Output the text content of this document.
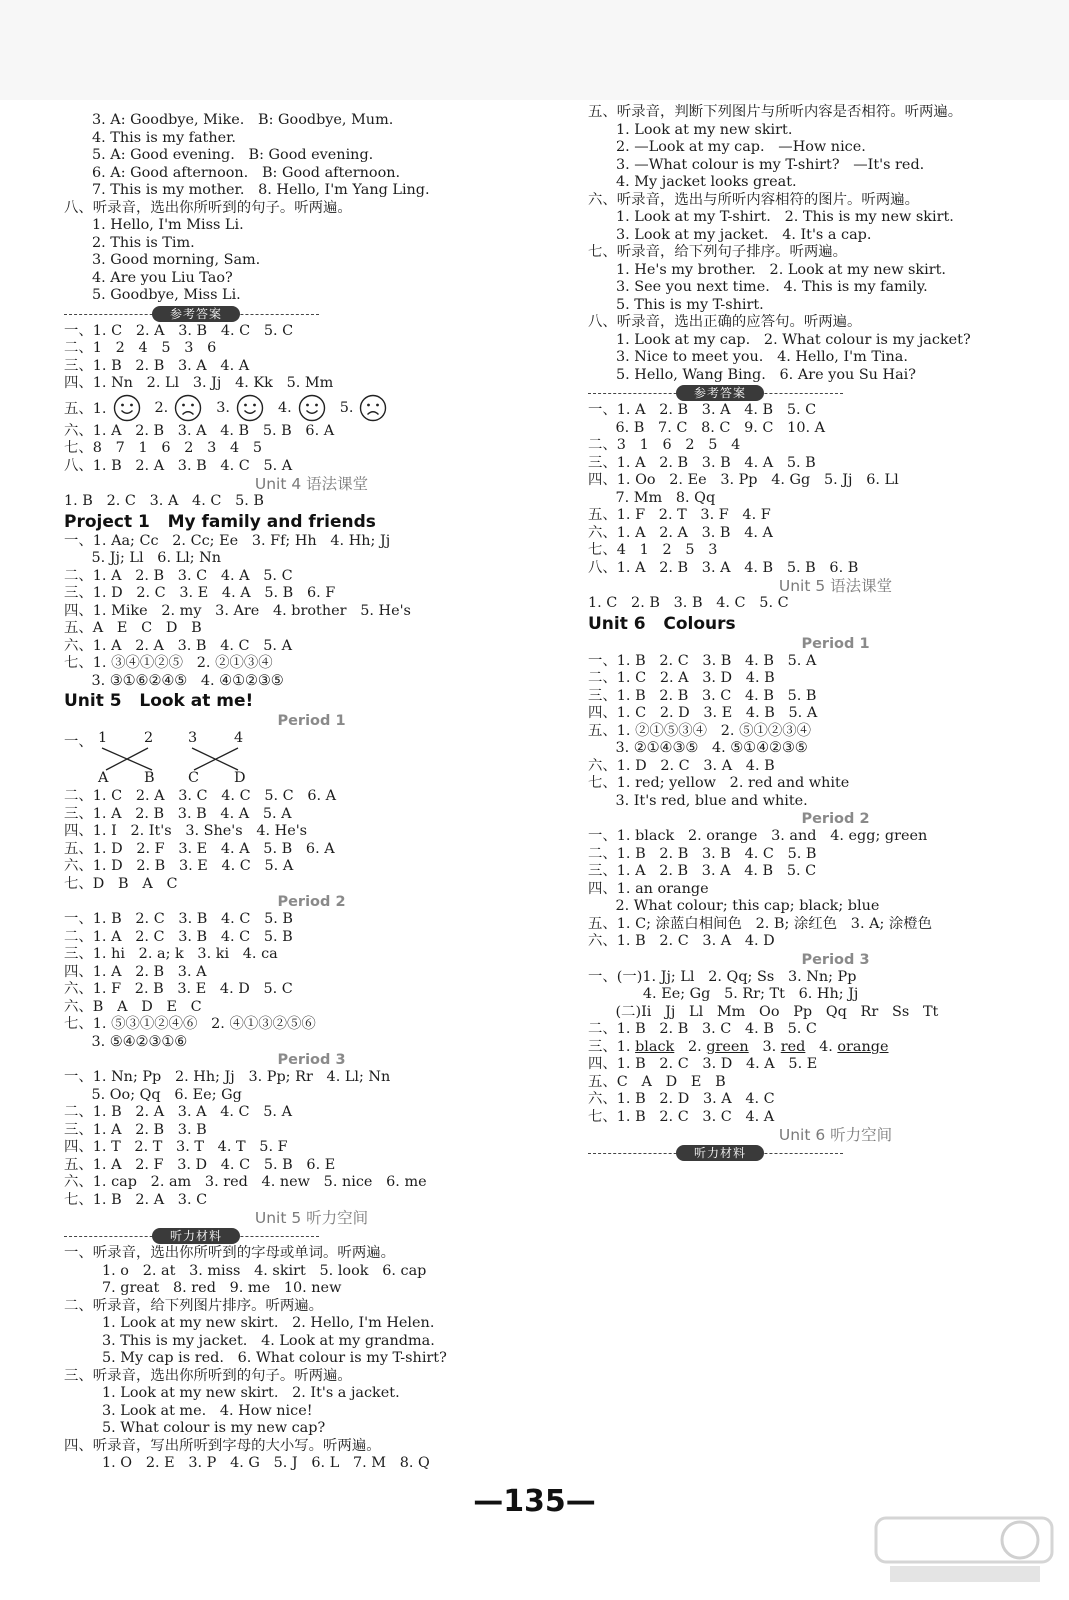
3. A: Goodbye, Mike.   B: Goodbye, Mum.
4. This is my father.
5. A: Good evening.   B: Good evening.
6. A: Good afternoon.   B: Good afternoon.
7. This is my mother.   8. Hello, I'm Yang Ling.
八、听录音，选出你所听到的句子。听两遍。
1. Hello, I'm Miss Li.
2. This is Tim.
3. Good morning, Sam.
4. Are you Liu Tao?
5. Goodbye, Miss Li.
参考答案
一、1. C   2. A   3. B   4. C   5. C
二、1   2   4   5   3   6
三、1. B   2. B   3. A   4. A
四、1. Nn   2. Ll   3. Jj   4. Kk   5. Mm
五、1.	2.	3.	4.	5.
六、1. A   2. B   3. A   4. B   5. B   6. A
七、8   7   1   6   2   3   4   5
八、1. B   2. A   3. B   4. C   5. A
Unit 4 语法课堂
1. B   2. C   3. A   4. C   5. B
Project 1   My family and friends
一、1. Aa; Cc   2. Cc; Ee   3. Ff; Hh   4. Hh; Jj
5. Jj; Ll   6. Ll; Nn
二、1. A   2. B   3. C   4. A   5. C
三、1. D   2. C   3. E   4. A   5. B   6. F
四、1. Mike   2. my   3. Are   4. brother   5. He's
五、A   E   C   D   B
六、1. A   2. A   3. B   4. C   5. A
七、1. ③④①②⑤   2. ②①③④
3. ③①⑥②④⑤   4. ④①②③⑤
Unit 5   Look at me!
Period 1
一、 1	2 3	4
A B C D
二、1. C   2. A   3. C   4. C   5. C   6. A
三、1. A   2. B   3. B   4. A   5. A
四、1. I   2. It's   3. She's   4. He's
五、1. D   2. F   3. E   4. A   5. B   6. A
六、1. D   2. B   3. E   4. C   5. A
七、D   B   A   C
Period 2
一、1. B   2. C   3. B   4. C   5. B
二、1. A   2. C   3. B   4. C   5. B
三、1. hi   2. a; k   3. ki   4. ca
四、1. A   2. B   3. A
六、1. F   2. B   3. E   4. D   5. C
六、B   A   D   E   C
七、1. ⑤③①②④⑥   2. ④①③②⑤⑥
3. ⑤④②③①⑥
Period 3
一、1. Nn; Pp   2. Hh; Jj   3. Pp; Rr   4. Ll; Nn
5. Oo; Qq   6. Ee; Gg
二、1. B   2. A   3. A   4. C   5. A
三、1. A   2. B   3. B
四、1. T   2. T   3. T   4. T   5. F
五、1. A   2. F   3. D   4. C   5. B   6. E
六、1. cap   2. am   3. red   4. new   5. nice   6. me
七、1. B   2. A   3. C
Unit 5 听力空间
听力材料
一、听录音，选出你所听到的字母或单词。听两遍。
1. o   2. at   3. miss   4. skirt   5. look   6. cap
7. great   8. red   9. me   10. new
二、听录音，给下列图片排序。听两遍。
1. Look at my new skirt.   2. Hello, I'm Helen.
3. This is my jacket.   4. Look at my grandma.
5. My cap is red.   6. What colour is my T-shirt?
三、听录音，选出你所听到的句子。听两遍。
1. Look at my new skirt.   2. It's a jacket.
3. Look at me.   4. How nice!
5. What colour is my new cap?
四、听录音，写出所听到字母的大小写。听两遍。
1. O   2. E   3. P   4. G   5. J   6. L   7. M   8. Q
五、听录音，判断下列图片与所听内容是否相符。听两遍。
1. Look at my new skirt.
2. —Look at my cap.   —How nice.
3. —What colour is my T-shirt?   —It's red.
4. My jacket looks great.
六、听录音，选出与所听内容相符的图片。听两遍。
1. Look at my T-shirt.   2. This is my new skirt.
3. Look at my jacket.   4. It's a cap.
七、听录音，给下列句子排序。听两遍。
1. He's my brother.   2. Look at my new skirt.
3. See you next time.   4. This is my family.
5. This is my T-shirt.
八、听录音，选出正确的应答句。听两遍。
1. Look at my cap.   2. What colour is my jacket?
3. Nice to meet you.   4. Hello, I'm Tina.
5. Hello, Wang Bing.   6. Are you Su Hai?
参考答案
一、1. A   2. B   3. A   4. B   5. C
6. B   7. C   8. C   9. C   10. A
二、3   1   6   2   5   4
三、1. A   2. B   3. B   4. A   5. B
四、1. Oo   2. Ee   3. Pp   4. Gg   5. Jj   6. Ll
7. Mm   8. Qq
五、1. F   2. T   3. F   4. F
六、1. A   2. A   3. B   4. A
七、4   1   2   5   3
八、1. A   2. B   3. A   4. B   5. B   6. B
Unit 5 语法课堂
1. C   2. B   3. B   4. C   5. C
Unit 6   Colours
Period 1
一、1. B   2. C   3. B   4. B   5. A
二、1. C   2. A   3. D   4. B
三、1. B   2. B   3. C   4. B   5. B
四、1. C   2. D   3. E   4. B   5. A
五、1. ②①⑤③④   2. ⑤①②③④
3. ②①④③⑤   4. ⑤①④②③⑤
六、1. D   2. C   3. A   4. B
七、1. red; yellow   2. red and white
3. It's red, blue and white.
Period 2
一、1. black   2. orange   3. and   4. egg; green
二、1. B   2. B   3. B   4. C   5. B
三、1. A   2. B   3. A   4. B   5. C
四、1. an orange
2. What colour; this cap; black; blue
五、1. C; 涂蓝白相间色   2. B; 涂红色   3. A; 涂橙色
六、1. B   2. C   3. A   4. D
Period 3
一、(一)1. Jj; Ll   2. Qq; Ss   3. Nn; Pp
4. Ee; Gg   5. Rr; Tt   6. Hh; Jj
(二)Ii   Jj   Ll   Mm   Oo   Pp   Qq   Rr   Ss   Tt
二、1. B   2. B   3. C   4. B   5. C
三、1. black   2. green   3. red   4. orange
四、1. B   2. C   3. D   4. A   5. E
五、C   A   D   E   B
六、1. B   2. D   3. A   4. C
七、1. B   2. C   3. C   4. A
Unit 6 听力空间
听力材料
—135—
